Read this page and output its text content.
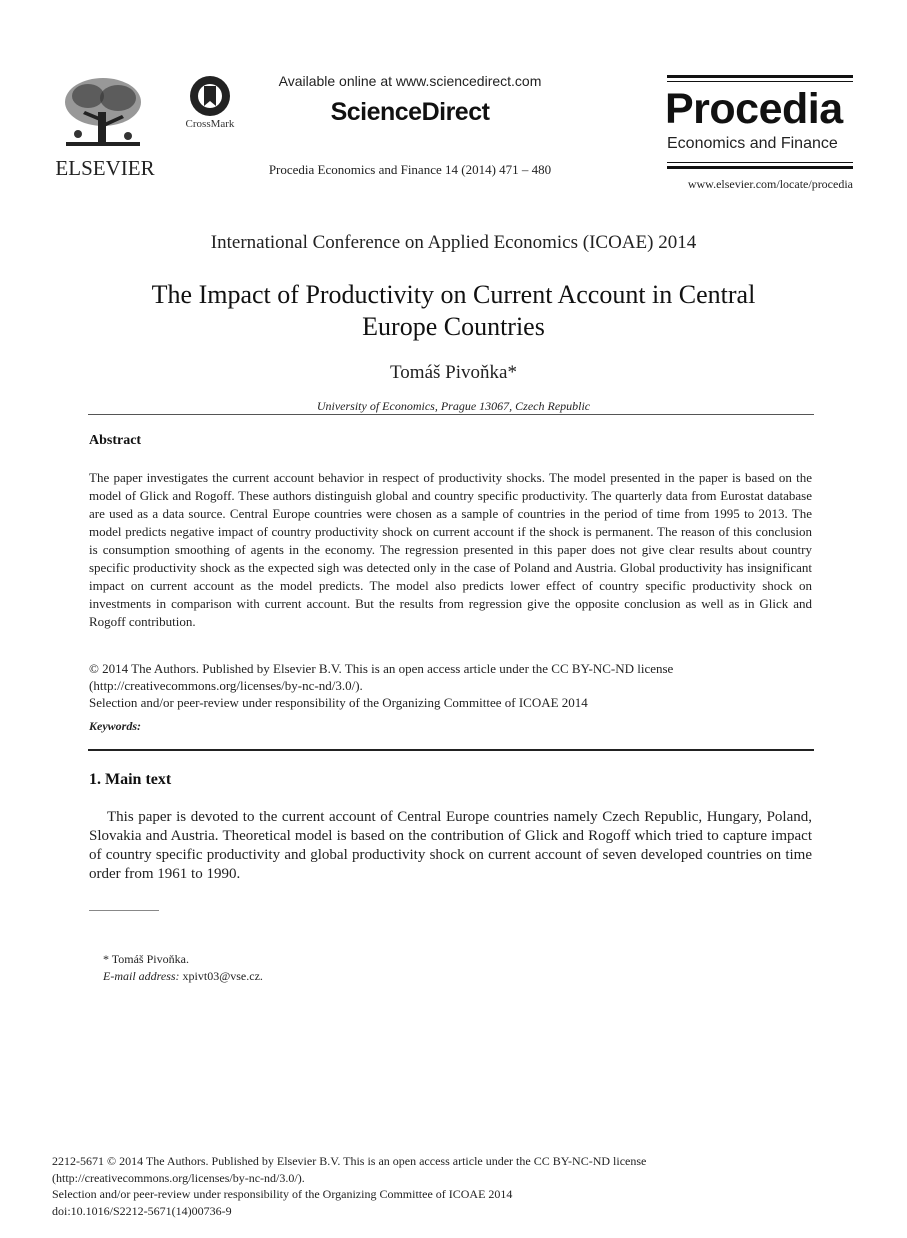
ELSEVIER
CrossMark
Available online at www.sciencedirect.com
ScienceDirect
Procedia Economics and Finance 14 (2014) 471 – 480
Procedia
Economics and Finance
www.elsevier.com/locate/procedia
International Conference on Applied Economics (ICOAE) 2014
The Impact of Productivity on Current Account in Central
Europe Countries
Tomáš Pivoňka*
University of Economics, Prague 13067, Czech Republic
Abstract
The paper investigates the current account behavior in respect of productivity shocks. The model presented in the paper is based on the model of Glick and Rogoff. These authors distinguish global and country specific productivity. The quarterly data from Eurostat database are used as a data source. Central Europe countries were chosen as a sample of countries in the period of time from 1995 to 2013. The model predicts negative impact of country productivity shock on current account if the shock is permanent. The reason of this conclusion is consumption smoothing of agents in the economy. The regression presented in this paper does not give clear results about country specific productivity shock as the expected sigh was detected only in the case of Poland and Austria. Global productivity has insignificant impact on current account as the model predicts. The model also predicts lower effect of country specific productivity shock on investments in comparison with current account. But the results from regression give the opposite conclusion as well as in Glick and Rogoff contribution.

© 2014 The Authors. Published by Elsevier B.V. This is an open access article under the CC BY-NC-ND license

(http://creativecommons.org/licenses/by-nc-nd/3.0/).

Selection and/or peer-review under responsibility of the Organizing Committee of ICOAE 2014

Keywords:
1. Main text
This paper is devoted to the current account of Central Europe countries namely Czech Republic, Hungary, Poland, Slovakia and Austria. Theoretical model is based on the contribution of Glick and Rogoff which tried to capture impact of country specific productivity and global productivity shock on current account of seven developed countries on time order from 1961 to 1990.

* Tomáš Pivoňka.

E-mail address: xpivt03@vse.cz.

2212-5671 © 2014 The Authors. Published by Elsevier B.V. This is an open access article under the CC BY-NC-ND license

(http://creativecommons.org/licenses/by-nc-nd/3.0/).

Selection and/or peer-review under responsibility of the Organizing Committee of ICOAE 2014

doi:10.1016/S2212-5671(14)00736-9
